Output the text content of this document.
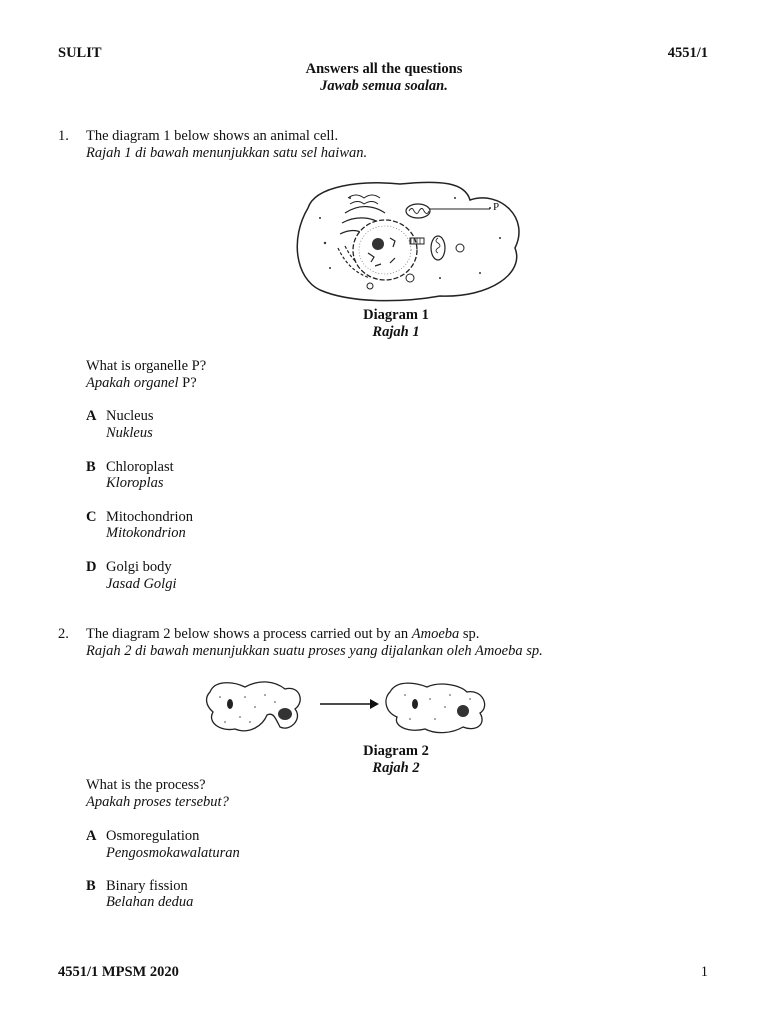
SULIT	4551/1
Answers all the questions
Jawab semua soalan.
1. The diagram 1 below shows an animal cell.
Rajah 1 di bawah menunjukkan satu sel haiwan.
P
Diagram 1
Rajah 1
What is organelle P?
Apakah organel P?
A Nucleus
Nukleus
B Chloroplast
Kloroplas
C Mitochondrion
Mitokondrion
D Golgi body
Jasad Golgi
2. The diagram 2 below shows a process carried out by an Amoeba sp.
Rajah 2 di bawah menunjukkan suatu proses yang dijalankan oleh Amoeba sp.
Diagram 2
Rajah 2
What is the process?
Apakah proses tersebut?
A Osmoregulation
Pengosmokawalaturan
B Binary fission
Belahan dedua
4551/1 MPSM 2020	1
